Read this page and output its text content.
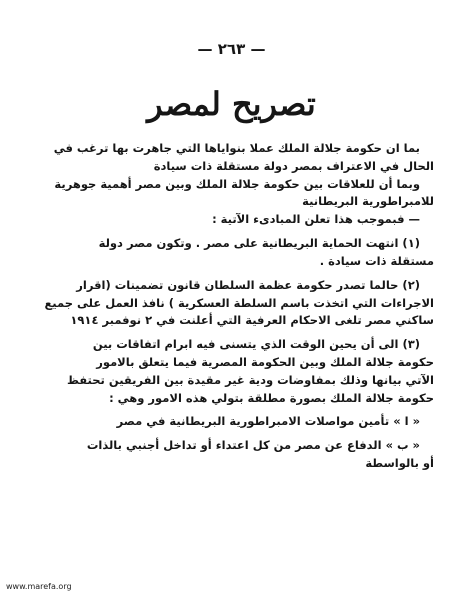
— ٢٦٣ —
تصريح لمصر

بما ان حكومة جلالة الملك عملا بنواياها التي جاهرت بها ترغب في

الحال في الاعتراف بمصر دولة مستقلة ذات سيادة

وبما أن للعلاقات بين حكومة جلالة الملك وبين مصر أهمية جوهرية

للامبراطورية البريطانية

— فبموجب هذا تعلن المبادىء الآتية :

(١) انتهت الحماية البريطانية على مصر . وتكون مصر دولة

مستقلة ذات سيادة .

(٢) حالما تصدر حكومة عظمة السلطان قانون تضمينات (اقرار

الاجراءات التي اتخذت باسم السلطة العسكرية ) نافذ العمل على جميع

ساكني مصر تلغى الاحكام العرفية التي أعلنت في ٢ نوفمبر ١٩١٤

(٣) الى أن يحين الوقت الذي يتسنى فيه ابرام اتفاقات بين

حكومة جلالة الملك وبين الحكومة المصرية فيما يتعلق بالامور

الآتي بيانها وذلك بمفاوضات ودية غير مقيدة بين الفريقين تحتفظ

حكومة جلالة الملك بصورة مطلقة بتولي هذه الامور وهي :

« ا » تأمين مواصلات الامبراطورية البريطانية في مصر

« ب » الدفاع عن مصر من كل اعتداء أو تداخل أجنبي بالذات

أو بالواسطة

www.marefa.org
